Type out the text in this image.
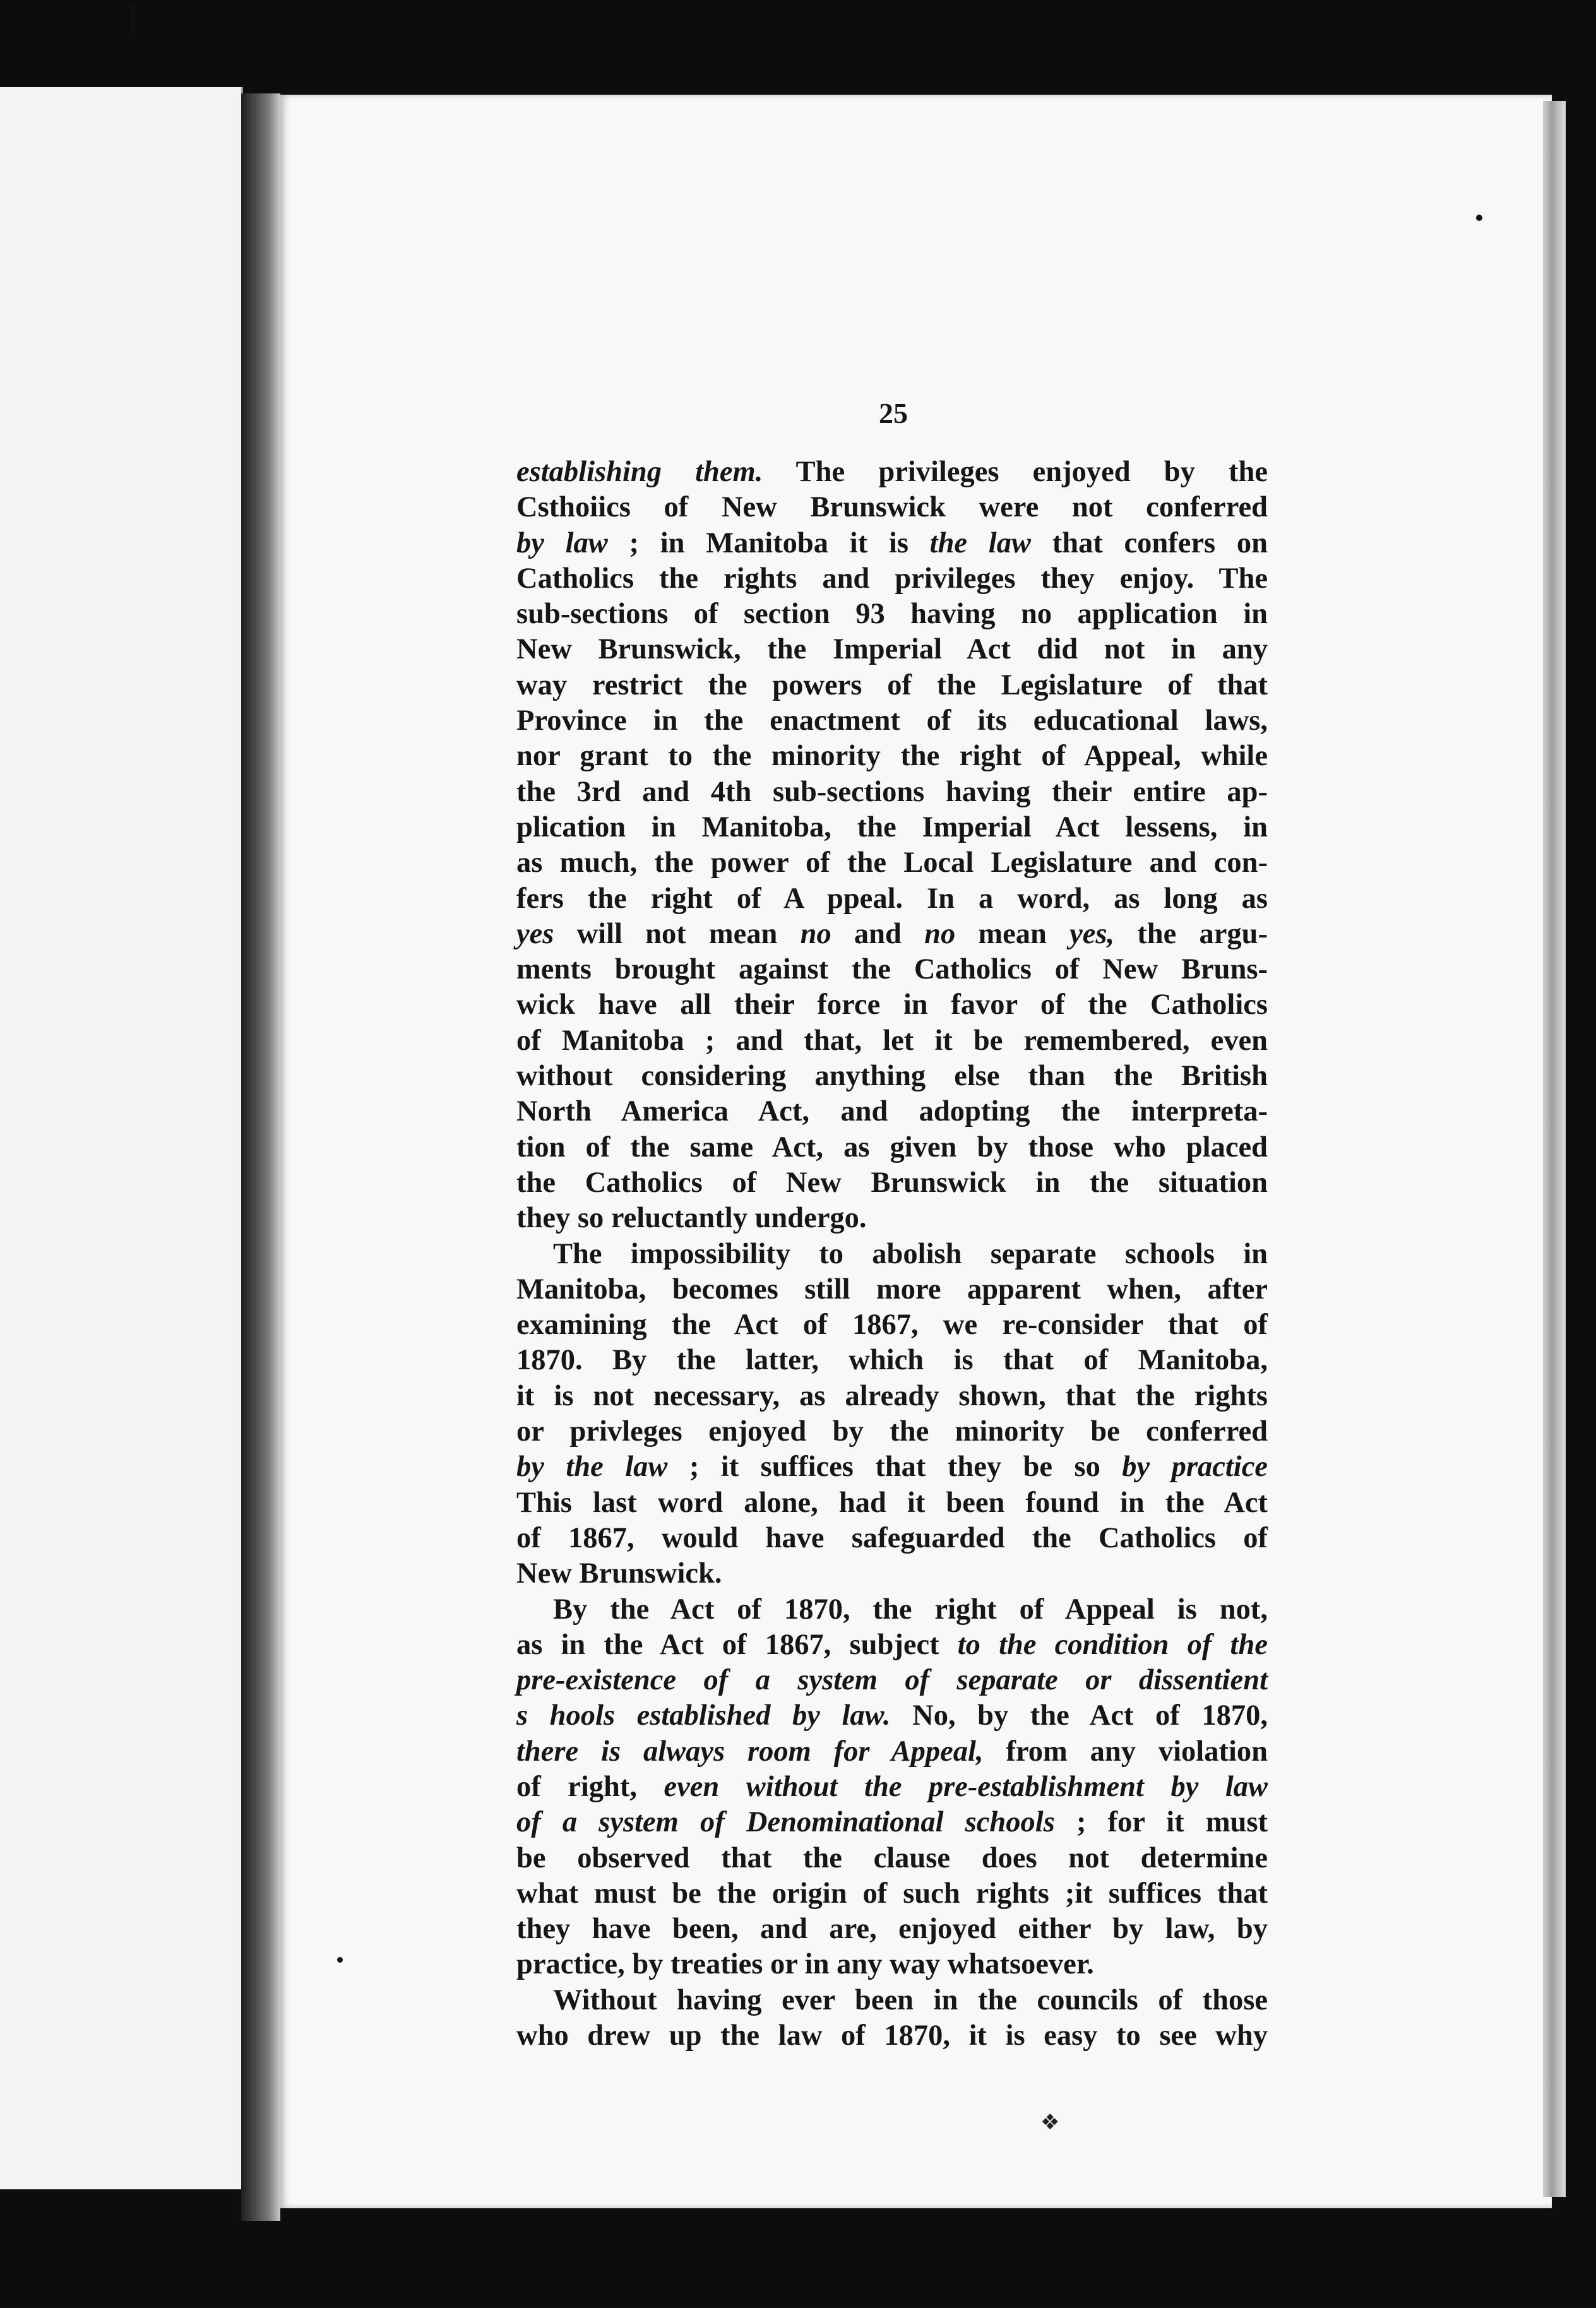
25
establishing them. The privileges enjoyed by the
Csthoiics of New Brunswick were not conferred
by law ; in Manitoba it is the law that confers on
Catholics the rights and privileges they enjoy. The
sub-sections of section 93 having no application in
New Brunswick, the Imperial Act did not in any
way restrict the powers of the Legislature of that
Province in the enactment of its educational laws,
nor grant to the minority the right of Appeal, while
the 3rd and 4th sub-sections having their entire ap-
plication in Manitoba, the Imperial Act lessens, in
as much, the power of the Local Legislature and con-
fers the right of A ppeal. In a word, as long as
yes will not mean no and no mean yes, the argu-
ments brought against the Catholics of New Bruns-
wick have all their force in favor of the Catholics
of Manitoba ; and that, let it be remembered, even
without considering anything else than the British
North America Act, and adopting the interpreta-
tion of the same Act, as given by those who placed
the Catholics of New Brunswick in the situation
they so reluctantly undergo.
The impossibility to abolish separate schools in
Manitoba, becomes still more apparent when, after
examining the Act of 1867, we re-consider that of
1870. By the latter, which is that of Manitoba,
it is not necessary, as already shown, that the rights
or privleges enjoyed by the minority be conferred
by the law ; it suffices that they be so by practice
This last word alone, had it been found in the Act
of 1867, would have safeguarded the Catholics of
New Brunswick.
By the Act of 1870, the right of Appeal is not,
as in the Act of 1867, subject to the condition of the
pre-existence of a system of separate or dissentient
s hools established by law. No, by the Act of 1870,
there is always room for Appeal, from any violation
of right, even without the pre-establishment by law
of a system of Denominational schools ; for it must
be observed that the clause does not determine
what must be the origin of such rights ;it suffices that
they have been, and are, enjoyed either by law, by
practice, by treaties or in any way whatsoever.
Without having ever been in the councils of those
who drew up the law of 1870, it is easy to see why
❖
